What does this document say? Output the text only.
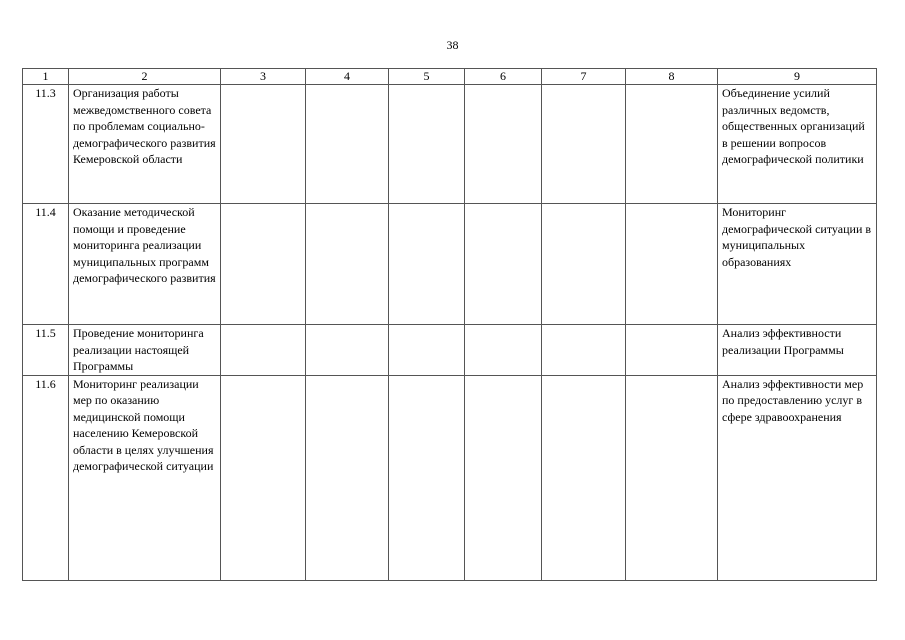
38
1	2	3	4	5	6	7	8	9
11.3	Организация работы межведомственного совета по проблемам социально-демографического развития Кемеровской области							Объединение усилий различных ведомств, общественных организаций в решении вопросов демографической политики
11.4	Оказание методической помощи и проведение мониторинга реализации муниципальных программ демографического развития							Мониторинг демографической ситуации в муниципальных образованиях
11.5	Проведение мониторинга реализации настоящей Программы							Анализ эффективности реализации Программы
11.6	Мониторинг реализации мер по оказанию медицинской помощи населению Кемеровской области в целях улучшения демографической ситуации							Анализ эффективности мер по предоставлению услуг в сфере здравоохранения
